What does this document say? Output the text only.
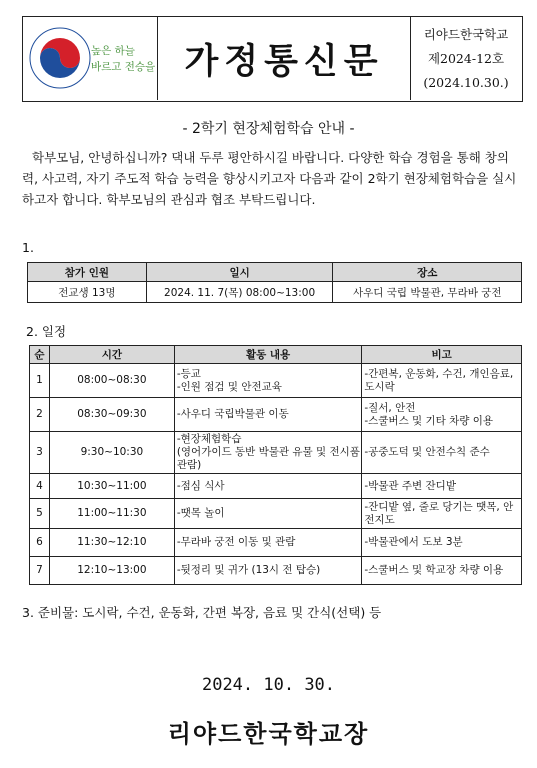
높은 하늘
바르고 전승을 가정통신문
리야드한국학교
제2024-12호
(2024.10.30.)
- 2학기 현장체험학습 안내 -
학부모님, 안녕하십니까? 댁내 두루 평안하시길 바랍니다. 다양한 학습 경험을 통해 창의력, 사고력, 자기 주도적 학습 능력을 향상시키고자 다음과 같이 2학기 현장체험학습을 실시하고자 합니다. 학부모님의 관심과 협조 부탁드립니다.
1.
참가 인원	일시	장소
전교생 13명	2024. 11. 7(목) 08:00~13:00	사우디 국립 박물관, 무라바 궁전
2. 일정
순	시간	활동 내용	비고
1	08:00~08:30	-등교
-인원 점검 및 안전교육	-간편복, 운동화, 수건, 개인음료, 도시락
2	08:30~09:30	-사우디 국립박물관 이동	-질서, 안전
-스쿨버스 및 기타 차량 이용
3	9:30~10:30	-현장체험학습
(영어가이드 동반 박물관 유물 및 전시품 관람)	-공중도덕 및 안전수칙 준수
4	10:30~11:00	-점심 식사	-박물관 주변 잔디밭
5	11:00~11:30	-땟목 놀이	-잔디밭 옆, 줄로 당기는 땟목, 안전지도
6	11:30~12:10	-무라바 궁전 이동 및 관람	-박물관에서 도보 3분
7	12:10~13:00	-뒷정리 및 귀가 (13시 전 탑승)	-스쿨버스 및 학교장 차량 이용
3. 준비물: 도시락, 수건, 운동화, 간편 복장, 음료 및 간식(선택) 등
2024. 10. 30.
리야드한국학교장
